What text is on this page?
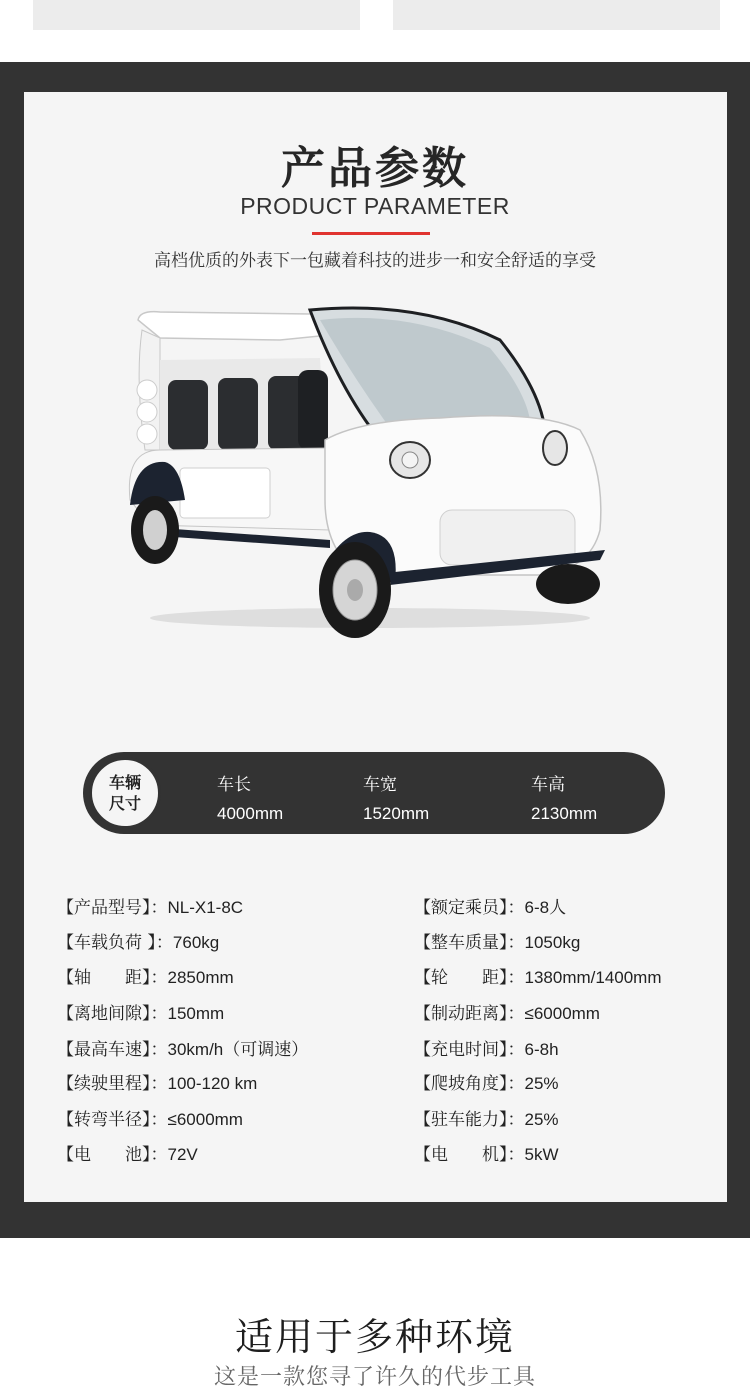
产品参数
PRODUCT PARAMETER
高档优质的外表下一包藏着科技的进步一和安全舒适的享受
车辆
尺寸
车长
4000mm
车宽
1520mm
车高
2130mm
【产品型号】：NL-X1-8C
【车载负荷 】：760kg
【轴　　距】：2850mm
【离地间隙】：150mm
【最高车速】：30km/h（可调速）
【续驶里程】：100-120 km
【转弯半径】：≤6000mm
【电　　池】：72V
【额定乘员】：6-8人
【整车质量】：1050kg
【轮　　距】：1380mm/1400mm
【制动距离】：≤6000mm
【充电时间】：6-8h
【爬坡角度】：25%
【驻车能力】：25%
【电　　机】：5kW
适用于多种环境
这是一款您寻了许久的代步工具
